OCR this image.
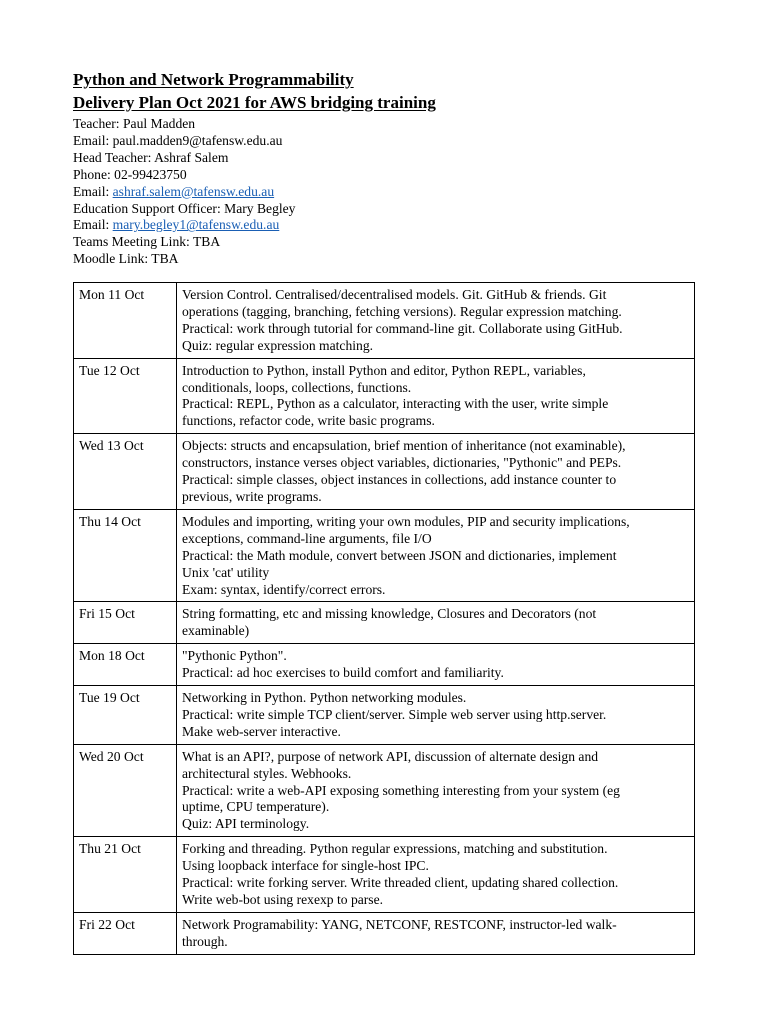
Python and Network Programmability
Delivery Plan Oct 2021 for AWS bridging training
Teacher: Paul Madden
Email: paul.madden9@tafensw.edu.au
Head Teacher: Ashraf Salem
Phone: 02-99423750
Email: ashraf.salem@tafensw.edu.au
Education Support Officer: Mary Begley
Email: mary.begley1@tafensw.edu.au
Teams Meeting Link: TBA
Moodle Link: TBA
Mon 11 Oct	Version Control. Centralised/decentralised models. Git. GitHub & friends. Git
operations (tagging, branching, fetching versions). Regular expression matching.
Practical: work through tutorial for command-line git. Collaborate using GitHub.
Quiz: regular expression matching.

Tue 12 Oct	Introduction to Python, install Python and editor, Python REPL, variables,
conditionals, loops, collections, functions.
Practical: REPL, Python as a calculator, interacting with the user, write simple
functions, refactor code, write basic programs.

Wed 13 Oct	Objects: structs and encapsulation, brief mention of inheritance (not examinable),
constructors, instance verses object variables, dictionaries, "Pythonic" and PEPs.
Practical: simple classes, object instances in collections, add instance counter to
previous, write programs.

Thu 14 Oct	Modules and importing, writing your own modules, PIP and security implications,
exceptions, command-line arguments, file I/O
Practical: the Math module, convert between JSON and dictionaries, implement
Unix 'cat' utility
Exam: syntax, identify/correct errors.

Fri 15 Oct	String formatting, etc and missing knowledge, Closures and Decorators (not
examinable)

Mon 18 Oct	"Pythonic Python".
Practical: ad hoc exercises to build comfort and familiarity.

Tue 19 Oct	Networking in Python. Python networking modules.
Practical: write simple TCP client/server. Simple web server using http.server.
Make web-server interactive.

Wed 20 Oct	What is an API?, purpose of network API, discussion of alternate design and
architectural styles. Webhooks.
Practical: write a web-API exposing something interesting from your system (eg
uptime, CPU temperature).
Quiz: API terminology.

Thu 21 Oct	Forking and threading. Python regular expressions, matching and substitution.
Using loopback interface for single-host IPC.
Practical: write forking server. Write threaded client, updating shared collection.
Write web-bot using rexexp to parse.

Fri 22 Oct	Network Programability: YANG, NETCONF, RESTCONF, instructor-led walk-
through.
